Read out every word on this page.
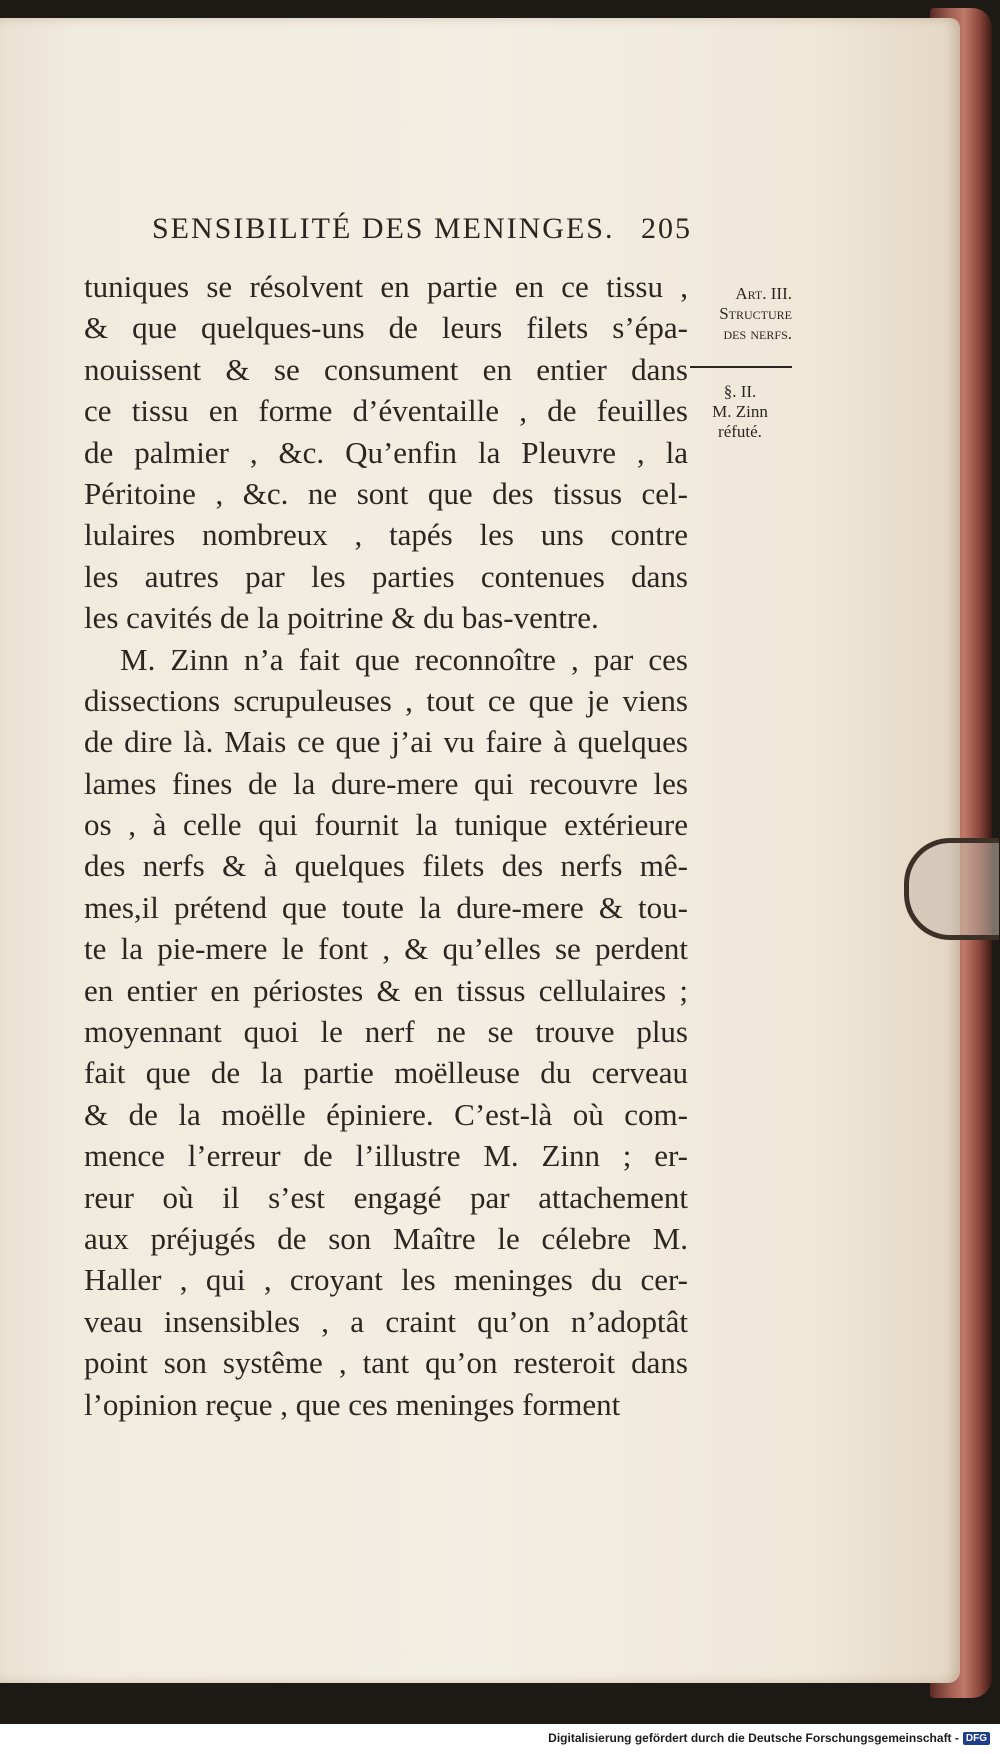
SENSIBILITÉ DES MENINGES. 205
tuniques se résolvent en partie en ce tissu ,
& que quelques-uns de leurs filets s’épa-
nouissent & se consument en entier dans
ce tissu en forme d’éventaille , de feuilles
de palmier , &c. Qu’enfin la Pleuvre , la
Péritoine , &c. ne sont que des tissus cel-
lulaires nombreux , tapés les uns contre
les autres par les parties contenues dans
les cavités de la poitrine & du bas-ventre.
M. Zinn n’a fait que reconnoître , par ces
dissections scrupuleuses , tout ce que je viens
de dire là. Mais ce que j’ai vu faire à quelques
lames fines de la dure-mere qui recouvre les
os , à celle qui fournit la tunique extérieure
des nerfs & à quelques filets des nerfs mê-
mes,il prétend que toute la dure-mere & tou-
te la pie-mere le font , & qu’elles se perdent
en entier en périostes & en tissus cellulaires ;
moyennant quoi le nerf ne se trouve plus
fait que de la partie moëlleuse du cerveau
& de la moëlle épiniere. C’est-là où com-
mence l’erreur de l’illustre M. Zinn ; er-
reur où il s’est engagé par attachement
aux préjugés de son Maître le célebre M.
Haller , qui , croyant les meninges du cer-
veau insensibles , a craint qu’on n’adoptât
point son systême , tant qu’on resteroit dans
l’opinion reçue , que ces meninges forment
Art. III.
Structure
des nerfs.
§. II.
M. Zinn
réfuté.
Digitalisierung gefördert durch die Deutsche Forschungsgemeinschaft - DFG
